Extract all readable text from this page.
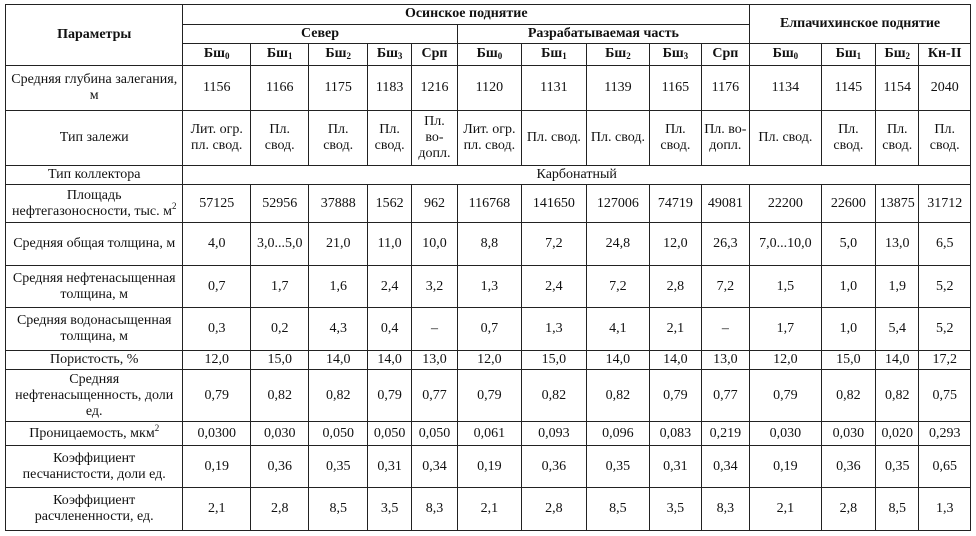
Параметры	Осинское поднятие										Елпачихинское поднятие			
	Север					Разрабатываемая часть								
	$Бш_0$	$Бш_1$	$Бш_2$	$Бш_3$	Срп	$Бш_0$	$Бш_1$	$Бш_2$	$Бш_3$	Срп	$Бш_0$	$Бш_1$	$Бш_2$	Кн-II
Средняя глубина залегания, м	1156	1166	1175	1183	1216	1120	1131	1139	1165	1176	1134	1145	1154	2040
Тип залежи	Лит. огр. пл. свод.	Пл. свод.	Пл. свод.	Пл. свод.	Пл. во-допл.	Лит. огр. пл. свод.	Пл. свод.	Пл. свод.	Пл. свод.	Пл. во-допл.	Пл. свод.	Пл. свод.	Пл. свод.	Пл. свод.
Тип коллектора	Карбонатный													
Площадь нефтегазоносности, тыс. $м^2$	57125	52956	37888	1562	962	116768	141650	127006	74719	49081	22200	22600	13875	31712
Средняя общая толщина, м	4,0	3,0...5,0	21,0	11,0	10,0	8,8	7,2	24,8	12,0	26,3	7,0...10,0	5,0	13,0	6,5
Средняя нефтенасыщенная толщина, м	0,7	1,7	1,6	2,4	3,2	1,3	2,4	7,2	2,8	7,2	1,5	1,0	1,9	5,2
Средняя водонасыщенная толщина, м	0,3	0,2	4,3	0,4	–	0,7	1,3	4,1	2,1	–	1,7	1,0	5,4	5,2
Пористость, %	12,0	15,0	14,0	14,0	13,0	12,0	15,0	14,0	14,0	13,0	12,0	15,0	14,0	17,2
Средняя нефтенасыщенность, доли ед.	0,79	0,82	0,82	0,79	0,77	0,79	0,82	0,82	0,79	0,77	0,79	0,82	0,82	0,75
Проницаемость, мкм$^2$	0,0300	0,030	0,050	0,050	0,050	0,061	0,093	0,096	0,083	0,219	0,030	0,030	0,020	0,293
Коэффициент песчанистости, доли ед.	0,19	0,36	0,35	0,31	0,34	0,19	0,36	0,35	0,31	0,34	0,19	0,36	0,35	0,65
Коэффициент расчлененности, ед.	2,1	2,8	8,5	3,5	8,3	2,1	2,8	8,5	3,5	8,3	2,1	2,8	8,5	1,3
